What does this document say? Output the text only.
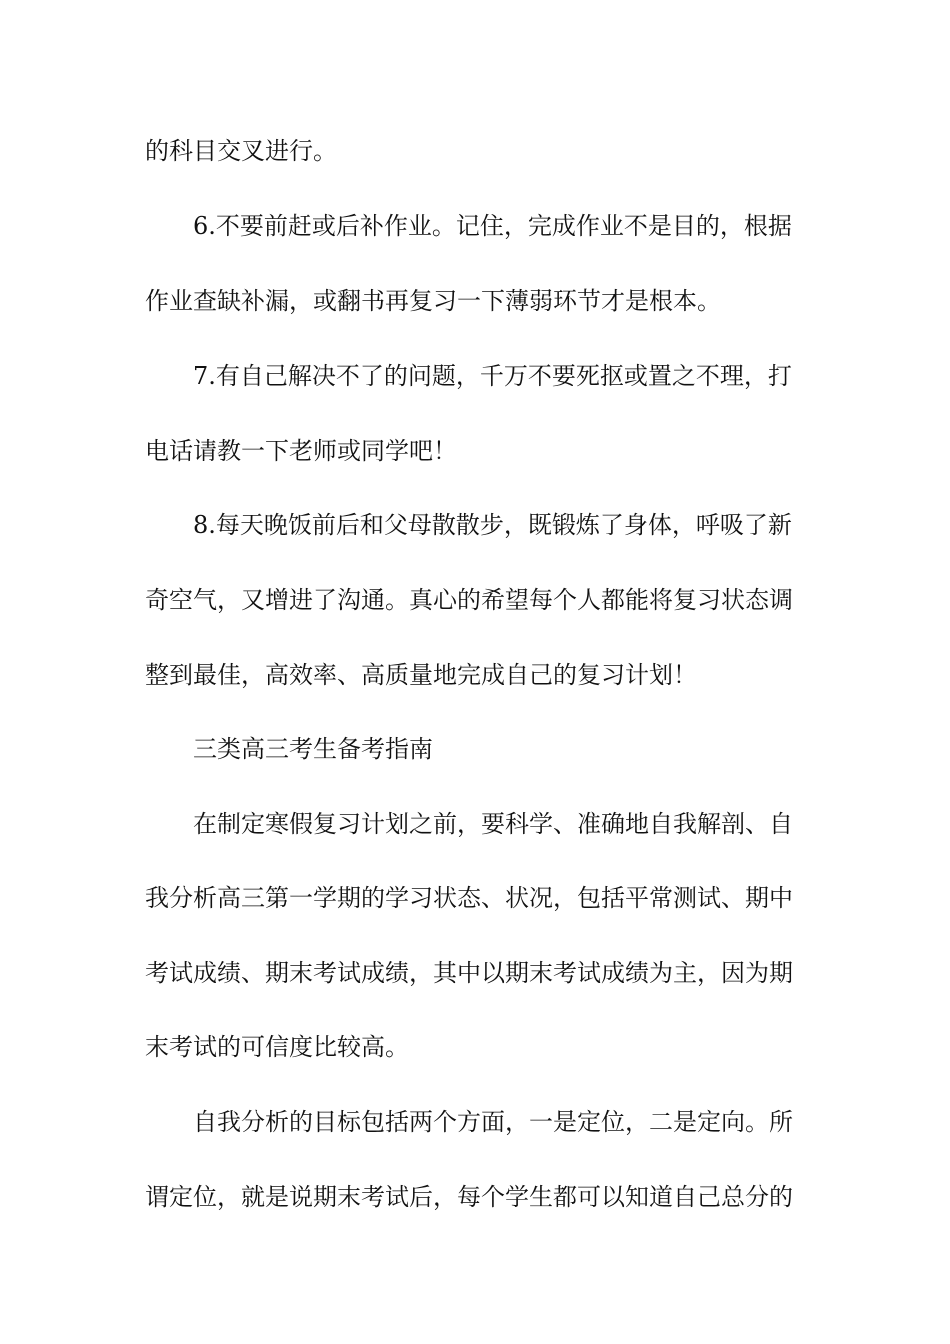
的科目交叉进行。
6.不要前赶或后补作业。记住，完成作业不是目的，根据
作业查缺补漏，或翻书再复习一下薄弱环节才是根本。
7.有自己解决不了的问题，千万不要死抠或置之不理，打
电话请教一下老师或同学吧！
8.每天晚饭前后和父母散散步，既锻炼了身体，呼吸了新
奇空气，又增进了沟通。真心的希望每个人都能将复习状态调
整到最佳，高效率、高质量地完成自己的复习计划！
三类高三考生备考指南
在制定寒假复习计划之前，要科学、准确地自我解剖、自
我分析高三第一学期的学习状态、状况，包括平常测试、期中
考试成绩、期末考试成绩，其中以期末考试成绩为主，因为期
末考试的可信度比较高。
自我分析的目标包括两个方面，一是定位，二是定向。所
谓定位，就是说期末考试后，每个学生都可以知道自己总分的
